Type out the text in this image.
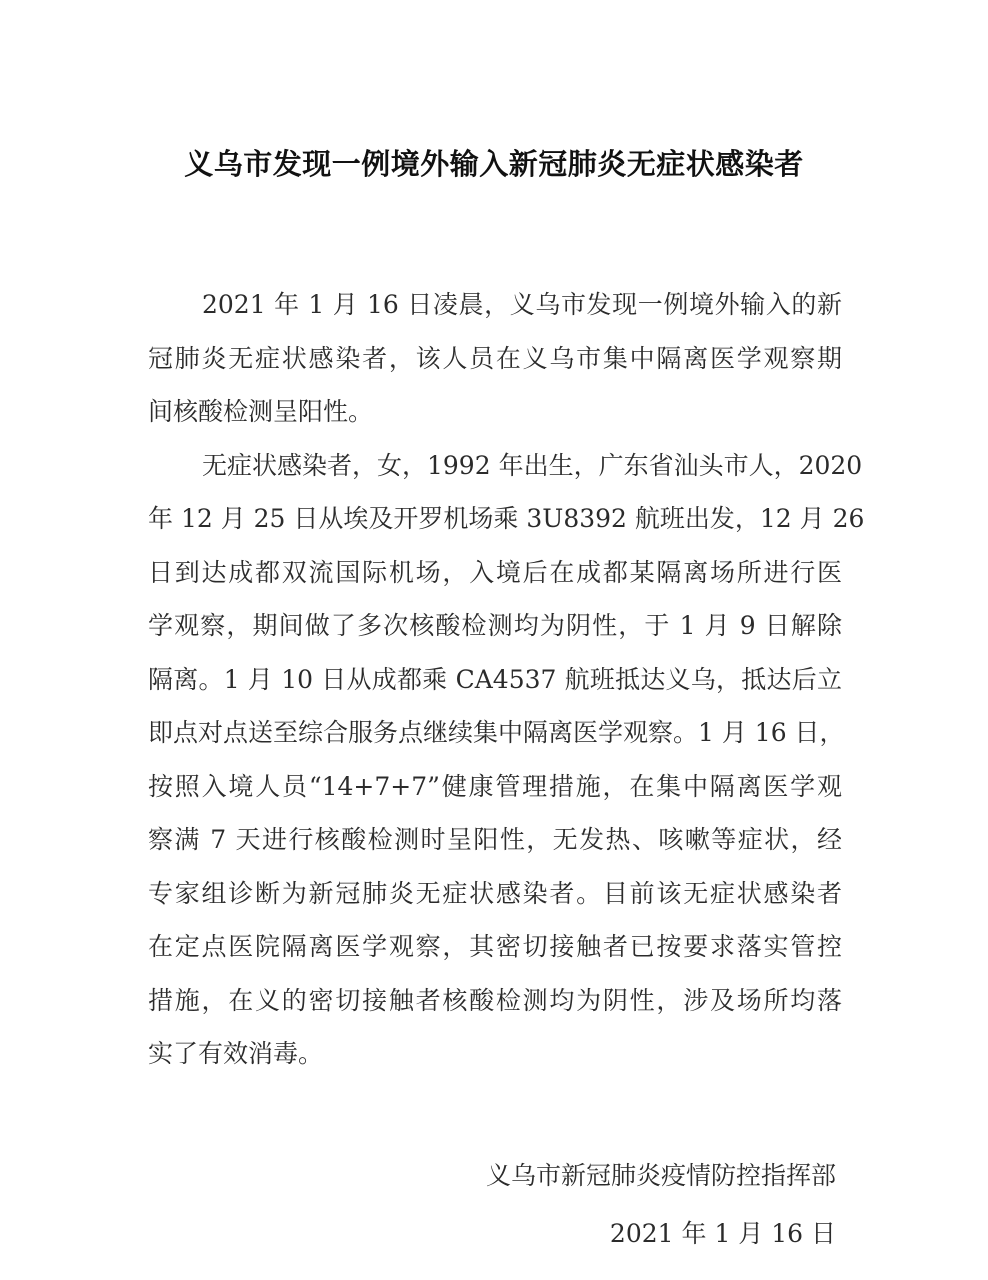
义乌市发现一例境外输入新冠肺炎无症状感染者
2021 年 1 月 16 日凌晨，义乌市发现一例境外输入的新
冠肺炎无症状感染者，该人员在义乌市集中隔离医学观察期
间核酸检测呈阳性。
无症状感染者，女，1992 年出生，广东省汕头市人，2020
年 12 月 25 日从埃及开罗机场乘 3U8392 航班出发，12 月 26
日到达成都双流国际机场，入境后在成都某隔离场所进行医
学观察，期间做了多次核酸检测均为阴性，于 1 月 9 日解除
隔离。1 月 10 日从成都乘 CA4537 航班抵达义乌，抵达后立
即点对点送至综合服务点继续集中隔离医学观察。1 月 16 日，
按照入境人员“14+7+7”健康管理措施，在集中隔离医学观
察满 7 天进行核酸检测时呈阳性，无发热、咳嗽等症状，经
专家组诊断为新冠肺炎无症状感染者。目前该无症状感染者
在定点医院隔离医学观察，其密切接触者已按要求落实管控
措施，在义的密切接触者核酸检测均为阴性，涉及场所均落
实了有效消毒。
义乌市新冠肺炎疫情防控指挥部
2021 年 1 月 16 日
